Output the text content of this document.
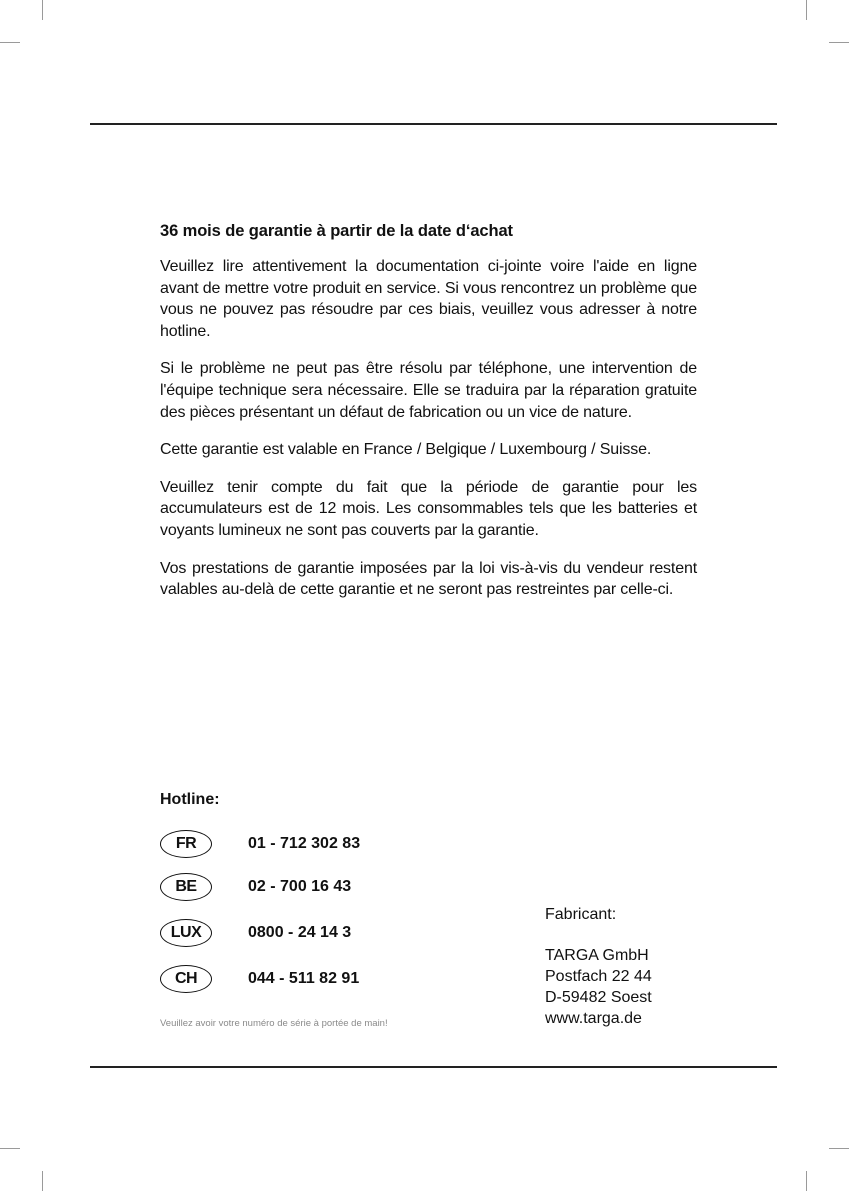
36 mois de garantie à partir de la date d‘achat

Veuillez lire attentivement la documentation ci-jointe voire l'aide en ligne avant de mettre votre produit en service. Si vous rencontrez un problème que vous ne pouvez pas résoudre par ces biais, veuillez vous adresser à notre hotline.

Si le problème ne peut pas être résolu par téléphone, une intervention de l'équipe technique sera nécessaire. Elle se traduira par la réparation gratuite des pièces présentant un défaut de fabrication ou un vice de nature.

Cette garantie est valable en France / Belgique / Luxembourg / Suisse.

Veuillez tenir compte du fait que la période de garantie pour les accumulateurs est de 12 mois. Les consommables tels que les batteries et voyants lumineux ne sont pas couverts par la garantie.

Vos prestations de garantie imposées par la loi vis-à-vis du vendeur restent valables au-delà de cette garantie et ne seront pas restreintes par celle-ci.

Hotline:
FR	01 - 712 302 83
BE	02 - 700 16 43
LUX	0800 - 24 14 3
CH	044 - 511 82 91
Veuillez avoir votre numéro de série à portée de main!
Fabricant:
TARGA GmbH
Postfach 22 44
D-59482 Soest
www.targa.de
